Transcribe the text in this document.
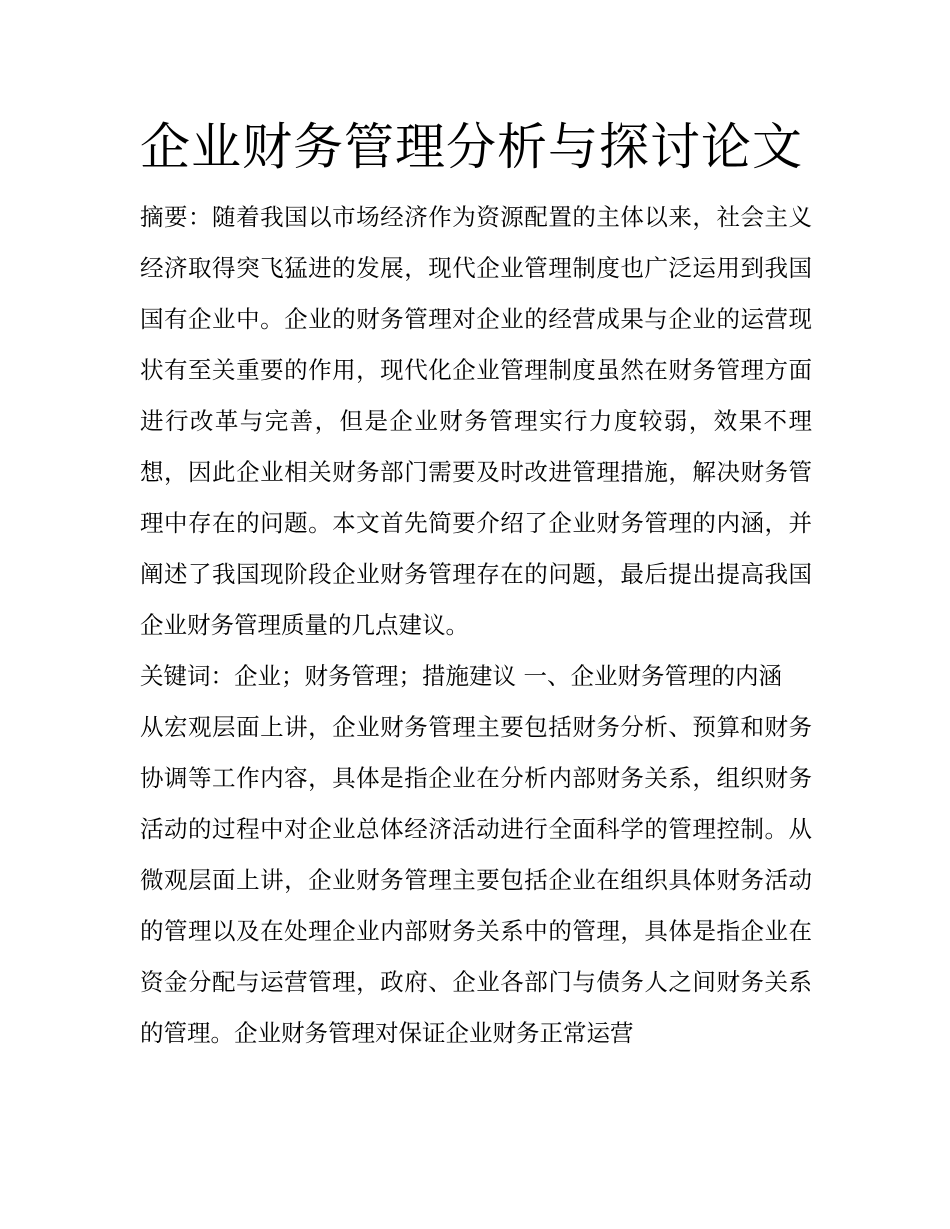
企业财务管理分析与探讨论文

摘要：随着我国以市场经济作为资源配置的主体以来，社会主义经济取得突飞猛进的发展，现代企业管理制度也广泛运用到我国国有企业中。企业的财务管理对企业的经营成果与企业的运营现状有至关重要的作用，现代化企业管理制度虽然在财务管理方面进行改革与完善，但是企业财务管理实行力度较弱，效果不理想，因此企业相关财务部门需要及时改进管理措施，解决财务管理中存在的问题。本文首先简要介绍了企业财务管理的内涵，并阐述了我国现阶段企业财务管理存在的问题，最后提出提高我国企业财务管理质量的几点建议。

关键词：企业；财务管理；措施建议 一、企业财务管理的内涵

从宏观层面上讲，企业财务管理主要包括财务分析、预算和财务协调等工作内容，具体是指企业在分析内部财务关系，组织财务活动的过程中对企业总体经济活动进行全面科学的管理控制。从微观层面上讲，企业财务管理主要包括企业在组织具体财务活动的管理以及在处理企业内部财务关系中的管理，具体是指企业在资金分配与运营管理，政府、企业各部门与债务人之间财务关系的管理。企业财务管理对保证企业财务正常运营
